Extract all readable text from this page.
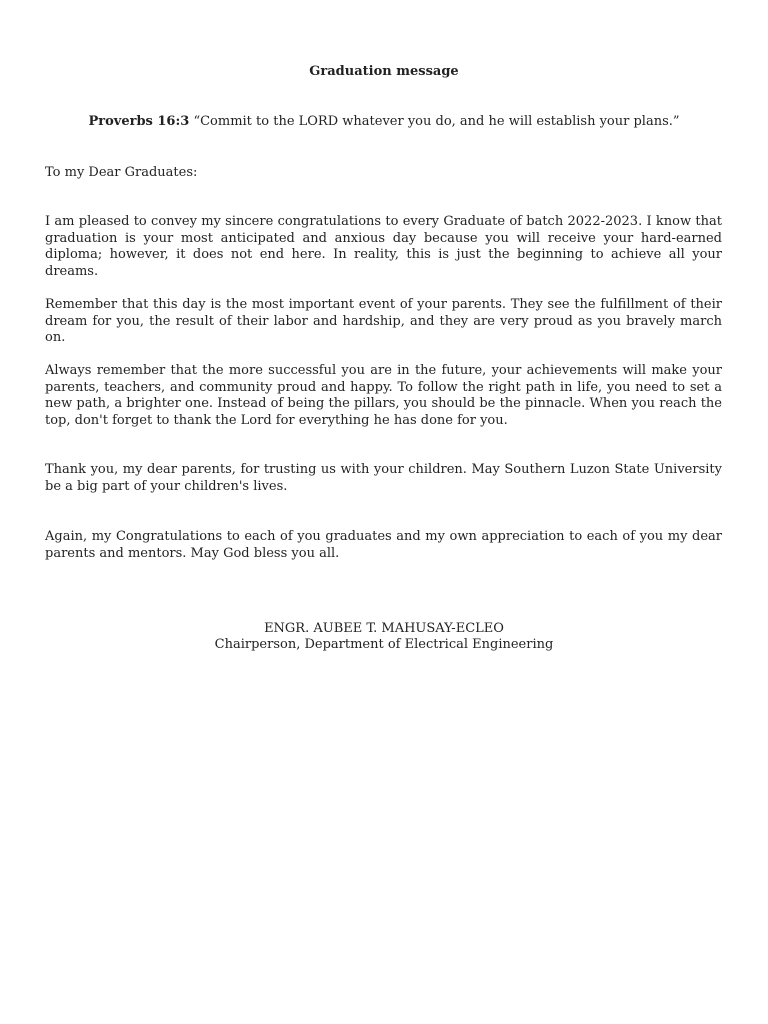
Graduation message
Proverbs 16:3 “Commit to the LORD whatever you do, and he will establish your plans.”
To my Dear Graduates:

I am pleased to convey my sincere congratulations to every Graduate of batch 2022-2023. I know that graduation is your most anticipated and anxious day because you will receive your hard-earned diploma; however, it does not end here. In reality, this is just the beginning to achieve all your dreams.

Remember that this day is the most important event of your parents. They see the fulfillment of their dream for you, the result of their labor and hardship, and they are very proud as you bravely march on.

Always remember that the more successful you are in the future, your achievements will make your parents, teachers, and community proud and happy. To follow the right path in life, you need to set a new path, a brighter one. Instead of being the pillars, you should be the pinnacle. When you reach the top, don't forget to thank the Lord for everything he has done for you.

Thank you, my dear parents, for trusting us with your children. May Southern Luzon State University be a big part of your children's lives.

Again, my Congratulations to each of you graduates and my own appreciation to each of you my dear parents and mentors. May God bless you all.

ENGR. AUBEE T. MAHUSAY-ECLEO
Chairperson, Department of Electrical Engineering
